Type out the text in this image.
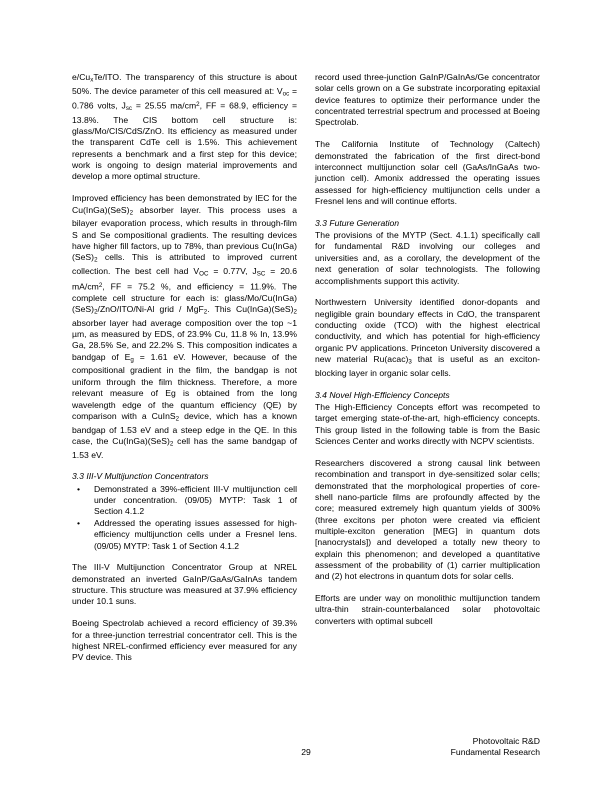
$e/Cu_xTe$/ITO. The transparency of this structure is about 50%. The device parameter of this cell measured at: $V_{oc} = 0.786$ volts, $J_{sc} = 25.55$ $ma/cm^2$, FF = 68.9, efficiency = 13.8%. The CIS bottom cell structure is: glass/Mo/CIS/CdS/ZnO. Its efficiency as measured under the transparent CdTe cell is 1.5%. This achievement represents a benchmark and a first step for this device; work is ongoing to design material improvements and develop a more optimal structure.

Improved efficiency has been demonstrated by IEC for the $Cu(InGa)(SeS)_2$ absorber layer. This process uses a bilayer evaporation process, which results in through-film S and Se compositional gradients. The resulting devices have higher fill factors, up to 78%, than previous $Cu(InGa)(SeS)_2$ cells. This is attributed to improved current collection. The best cell had $V_{OC} = 0.77V$, $J_{SC} = 20.6$ $mA/cm^2$, FF = 75.2 %, and efficiency = 11.9%. The complete cell structure for each is: glass/$Mo/Cu(InGa)(SeS)_2/ZnO/ITO/Ni-Al$ grid / MgF$_2$. This $Cu(InGa)(SeS)_2$ absorber layer had average composition over the top ~1 µm, as measured by EDS, of 23.9% Cu, 11.8 % In, 13.9% Ga, 28.5% Se, and 22.2% S. This composition indicates a bandgap of $E_g = 1.61$ eV. However, because of the compositional gradient in the film, the bandgap is not uniform through the film thickness. Therefore, a more relevant measure of Eg is obtained from the long wavelength edge of the quantum efficiency (QE) by comparison with a CuInS$_2$ device, which has a known bandgap of 1.53 eV and a steep edge in the QE. In this case, the $Cu(InGa)(SeS)_2$ cell has the same bandgap of 1.53 eV.

3.3 III-V Multijunction Concentrators
• Demonstrated a 39%-efficient III-V multijunction cell under concentration. (09/05) MYTP: Task 1 of Section 4.1.2
• Addressed the operating issues assessed for high-efficiency multijunction cells under a Fresnel lens. (09/05) MYTP: Task 1 of Section 4.1.2

The III-V Multijunction Concentrator Group at NREL demonstrated an inverted GaInP/GaAs/GaInAs tandem structure. This structure was measured at 37.9% efficiency under 10.1 suns.

Boeing Spectrolab achieved a record efficiency of 39.3% for a three-junction terrestrial concentrator cell. This is the highest NREL-confirmed efficiency ever measured for any PV device. This

record used three-junction GaInP/GaInAs/Ge concentrator solar cells grown on a Ge substrate incorporating epitaxial device features to optimize their performance under the concentrated terrestrial spectrum and processed at Boeing Spectrolab.

The California Institute of Technology (Caltech) demonstrated the fabrication of the first direct-bond interconnect multijunction solar cell (GaAs/InGaAs two-junction cell). Amonix addressed the operating issues assessed for high-efficiency multijunction cells under a Fresnel lens and will continue efforts.

3.3 Future Generation

The provisions of the MYTP (Sect. 4.1.1) specifically call for fundamental R&D involving our colleges and universities and, as a corollary, the development of the next generation of solar technologists. The following accomplishments support this activity.

Northwestern University identified donor-dopants and negligible grain boundary effects in CdO, the transparent conducting oxide (TCO) with the highest electrical conductivity, and which has potential for high-efficiency organic PV applications. Princeton University discovered a new material $Ru(acac)_3$ that is useful as an exciton-blocking layer in organic solar cells.

3.4 Novel High-Efficiency Concepts

The High-Efficiency Concepts effort was recompeted to target emerging state-of-the-art, high-efficiency concepts. This group listed in the following table is from the Basic Sciences Center and works directly with NCPV scientists.

Researchers discovered a strong causal link between recombination and transport in dye-sensitized solar cells; demonstrated that the morphological properties of core-shell nano-particle films are profoundly affected by the core; measured extremely high quantum yields of 300% (three excitons per photon were created via efficient multiple-exciton generation [MEG] in quantum dots [nanocrystals]) and developed a totally new theory to explain this phenomenon; and developed a quantitative assessment of the probability of (1) carrier multiplication and (2) hot electrons in quantum dots for solar cells.

Efforts are under way on monolithic multijunction tandem ultra-thin strain-counterbalanced solar photovoltaic converters with optimal subcell

29
Photovoltaic R&D
Fundamental Research
